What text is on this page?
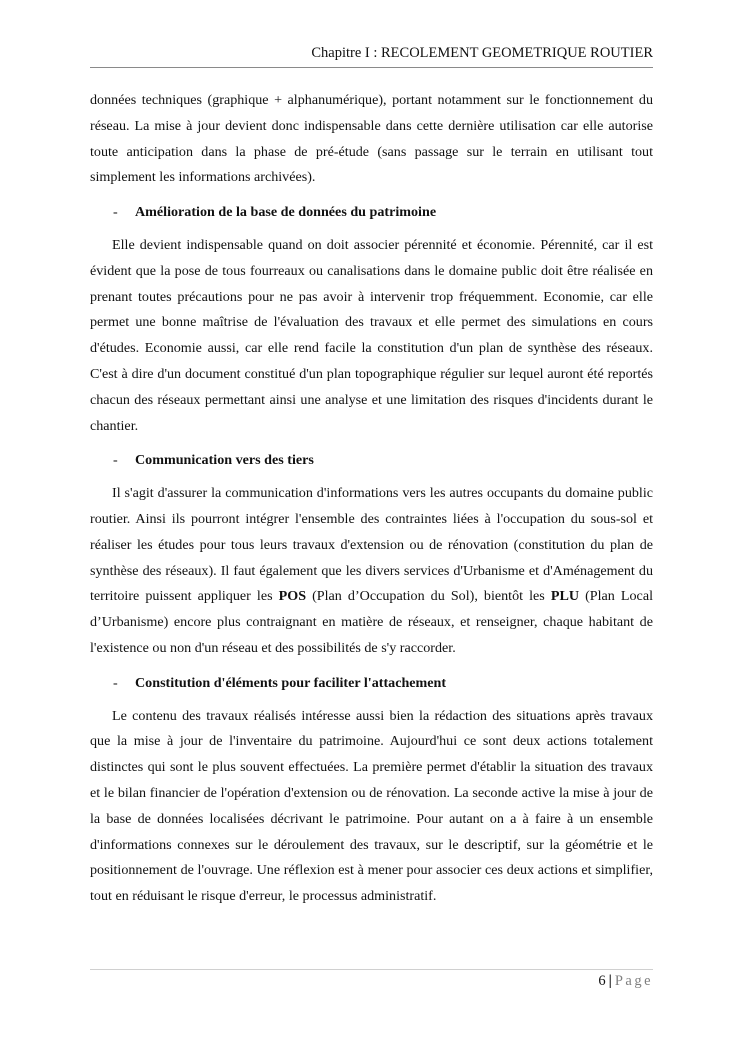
Chapitre I : RECOLEMENT GEOMETRIQUE ROUTIER

données techniques (graphique + alphanumérique), portant notamment sur le fonctionnement du réseau. La mise à jour devient donc indispensable dans cette dernière utilisation car elle autorise toute anticipation dans la phase de pré-étude (sans passage sur le terrain en utilisant tout simplement les informations archivées).

- Amélioration de la base de données du patrimoine

Elle devient indispensable quand on doit associer pérennité et économie. Pérennité, car il est évident que la pose de tous fourreaux ou canalisations dans le domaine public doit être réalisée en prenant toutes précautions pour ne pas avoir à intervenir trop fréquemment. Economie, car elle permet une bonne maîtrise de l'évaluation des travaux et elle permet des simulations en cours d'études. Economie aussi, car elle rend facile la constitution d'un plan de synthèse des réseaux. C'est à dire d'un document constitué d'un plan topographique régulier sur lequel auront été reportés chacun des réseaux permettant ainsi une analyse et une limitation des risques d'incidents durant le chantier.

- Communication vers des tiers

Il s'agit d'assurer la communication d'informations vers les autres occupants du domaine public routier. Ainsi ils pourront intégrer l'ensemble des contraintes liées à l'occupation du sous-sol et réaliser les études pour tous leurs travaux d'extension ou de rénovation (constitution du plan de synthèse des réseaux). Il faut également que les divers services d'Urbanisme et d'Aménagement du territoire puissent appliquer les POS (Plan d’Occupation du Sol), bientôt les PLU (Plan Local d’Urbanisme) encore plus contraignant en matière de réseaux, et renseigner, chaque habitant de l'existence ou non d'un réseau et des possibilités de s'y raccorder.

- Constitution d'éléments pour faciliter l'attachement

Le contenu des travaux réalisés intéresse aussi bien la rédaction des situations après travaux que la mise à jour de l'inventaire du patrimoine. Aujourd'hui ce sont deux actions totalement distinctes qui sont le plus souvent effectuées. La première permet d'établir la situation des travaux et le bilan financier de l'opération d'extension ou de rénovation. La seconde active la mise à jour de la base de données localisées décrivant le patrimoine. Pour autant on a à faire à un ensemble d'informations connexes sur le déroulement des travaux, sur le descriptif, sur la géométrie et le positionnement de l'ouvrage. Une réflexion est à mener pour associer ces deux actions et simplifier, tout en réduisant le risque d'erreur, le processus administratif.

6 | Page
